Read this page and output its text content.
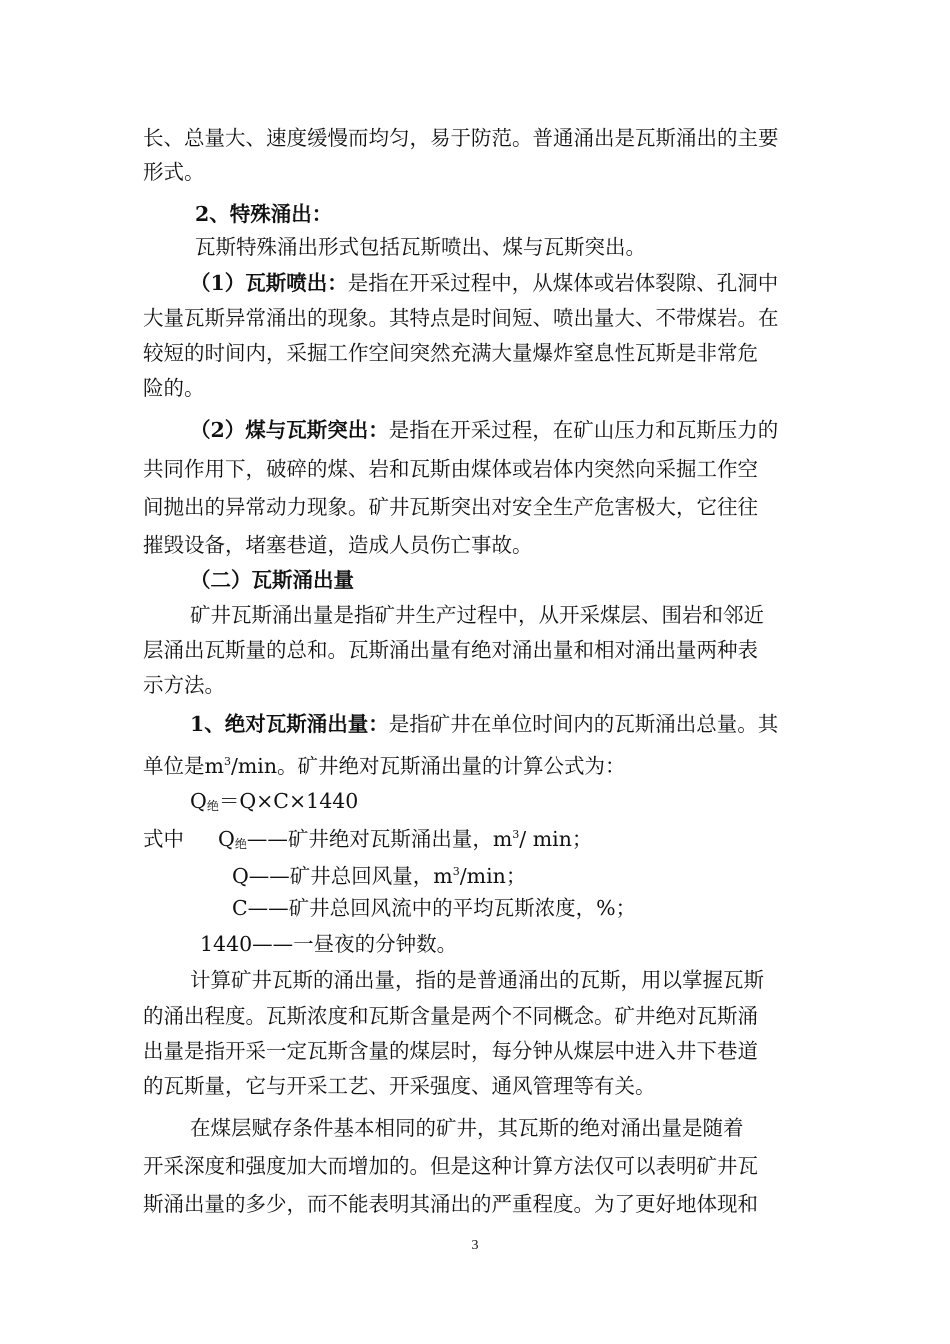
长、总量大、速度缓慢而均匀，易于防范。普通涌出是瓦斯涌出的主要
形式。
2、特殊涌出：
瓦斯特殊涌出形式包括瓦斯喷出、煤与瓦斯突出。
（1）瓦斯喷出：是指在开采过程中，从煤体或岩体裂隙、孔洞中
大量瓦斯异常涌出的现象。其特点是时间短、喷出量大、不带煤岩。在
较短的时间内，采掘工作空间突然充满大量爆炸窒息性瓦斯是非常危
险的。
（2）煤与瓦斯突出：是指在开采过程，在矿山压力和瓦斯压力的
共同作用下，破碎的煤、岩和瓦斯由煤体或岩体内突然向采掘工作空
间抛出的异常动力现象。矿井瓦斯突出对安全生产危害极大，它往往
摧毁设备，堵塞巷道，造成人员伤亡事故。
（二）瓦斯涌出量
矿井瓦斯涌出量是指矿井生产过程中，从开采煤层、围岩和邻近
层涌出瓦斯量的总和。瓦斯涌出量有绝对涌出量和相对涌出量两种表
示方法。
1、绝对瓦斯涌出量：是指矿井在单位时间内的瓦斯涌出总量。其
单位是$m^3/\min$。矿井绝对瓦斯涌出量的计算公式为：
$Q_绝=Q\times C\times 1440$
式中 $Q_绝——$矿井绝对瓦斯涌出量，$m^3/$ min；
Q——矿井总回风量，$m^3/\min$；
C——矿井总回风流中的平均瓦斯浓度，%；
1440——一昼夜的分钟数。
计算矿井瓦斯的涌出量，指的是普通涌出的瓦斯，用以掌握瓦斯
的涌出程度。瓦斯浓度和瓦斯含量是两个不同概念。矿井绝对瓦斯涌
出量是指开采一定瓦斯含量的煤层时，每分钟从煤层中进入井下巷道
的瓦斯量，它与开采工艺、开采强度、通风管理等有关。
在煤层赋存条件基本相同的矿井，其瓦斯的绝对涌出量是随着
开采深度和强度加大而增加的。但是这种计算方法仅可以表明矿井瓦
斯涌出量的多少，而不能表明其涌出的严重程度。为了更好地体现和
3
